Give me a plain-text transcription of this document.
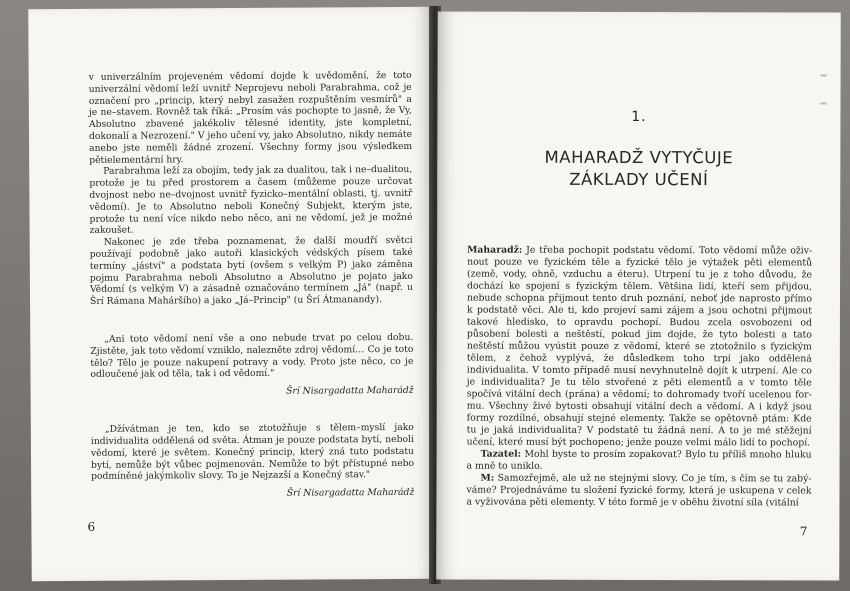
v univerzálním projeveném vědomí dojde k uvědomění, že toto univerzální vědomí leží uvnitř Neprojevu neboli Parabrahma, což je označení pro „princip, který nebyl zasažen rozpuštěním vesmírů" a je ne–stavem. Rovněž tak říká: „Prosím vás pochopte to jasně, že Vy, Absolutno zbavené jakékoliv tělesné identity, jste kompletní, dokonalí a Nezrození." V jeho učení vy, jako Absolutno, nikdy nemáte anebo jste neměli žádné zrození. Všechny formy jsou výsledkem pětielementární hry.

Parabrahma leží za obojím, tedy jak za dualitou, tak i ne–dualitou, protože je tu před prostorem a časem (můžeme pouze určovat dvojnost nebo ne–dvojnost uvnitř fyzicko–mentální oblasti, tj. uvnitř vědomí). Je to Absolutno neboli Konečný Subjekt, kterým jste, protože tu není více nikdo nebo něco, ani ne vědomí, jež je možné zakoušet.

Nakonec je zde třeba poznamenat, že další moudří světci používají podobně jako autoři klasických védských písem také termíny „jáství" a podstata bytí (ovšem s velkým P) jako záměna pojmu Parabrahma neboli Absolutno a Absolutno je pojato jako Vědomí (s velkým V) a zásadně označováno termínem „Já" (např. u Šrí Rámana Maháršího) a jako „Já–Princip" (u Šrí Átmanandy).

„Ani toto vědomí není vše a ono nebude trvat po celou dobu. Zjistěte, jak toto vědomí vzniklo, nalezněte zdroj vědomí… Co je toto tělo? Tělo je pouze nakupení potravy a vody. Proto jste něco, co je odloučené jak od těla, tak i od vědomí."

Šrí Nisargadatta Maharádž

„Džívátman je ten, kdo se ztotožňuje s tělem–myslí jako individualita oddělená od světa. Átman je pouze podstata bytí, neboli vědomí, které je světem. Konečný princip, který zná tuto podstatu bytí, nemůže být vůbec pojmenován. Nemůže to být přístupné nebo podmíněné jakýmkoliv slovy. To je Nejzazší a Konečný stav."

Šrí Nisargadatta Maharádž

6
1.
MAHARADŽ VYTYČUJE
ZÁKLADY UČENÍ

Maharadž: Je třeba pochopit podstatu vědomí. Toto vědomí může oživnout pouze ve fyzickém těle a fyzické tělo je výtažek pěti elementů (země, vody, ohně, vzduchu a éteru). Utrpení tu je z toho důvodu, že dochází ke spojení s fyzickým tělem. Většina lidí, kteří sem přijdou, nebude schopna přijmout tento druh poznání, neboť jde naprosto přímo k podstatě věci. Ale ti, kdo projeví sami zájem a jsou ochotni přijmout takové hledisko, to opravdu pochopí. Budou zcela osvobozeni od působení bolesti a neštěstí, pokud jim dojde, že tyto bolesti a tato neštěstí můžou vyústit pouze z vědomí, které se ztotožnilo s fyzickým tělem, z čehož vyplývá, že důsledkem toho trpí jako oddělená individualita. V tomto případě musí nevyhnutelně dojít k utrpení. Ale co je individualita? Je tu tělo stvořené z pěti elementů a v tomto těle spočívá vitální dech (prána) a vědomí; to dohromady tvoří ucelenou formu. Všechny živé bytosti obsahují vitální dech a vědomí. A i když jsou formy rozdílné, obsahují stejné elementy. Takže se opětovně ptám: Kde tu je jaká individualita? V podstatě tu žádná není. A to je mé stěžejní učení, které musí být pochopeno; jenže pouze velmi málo lidí to pochopí.

Tazatel: Mohl byste to prosím zopakovat? Bylo tu příliš mnoho hluku a mně to uniklo.

M: Samozřejmě, ale už ne stejnými slovy. Co je tím, s čím se tu zabýváme? Projednáváme tu složení fyzické formy, která je uskupena v celek a vyživována pěti elementy. V této formě je v oběhu životní síla (vitální

7
